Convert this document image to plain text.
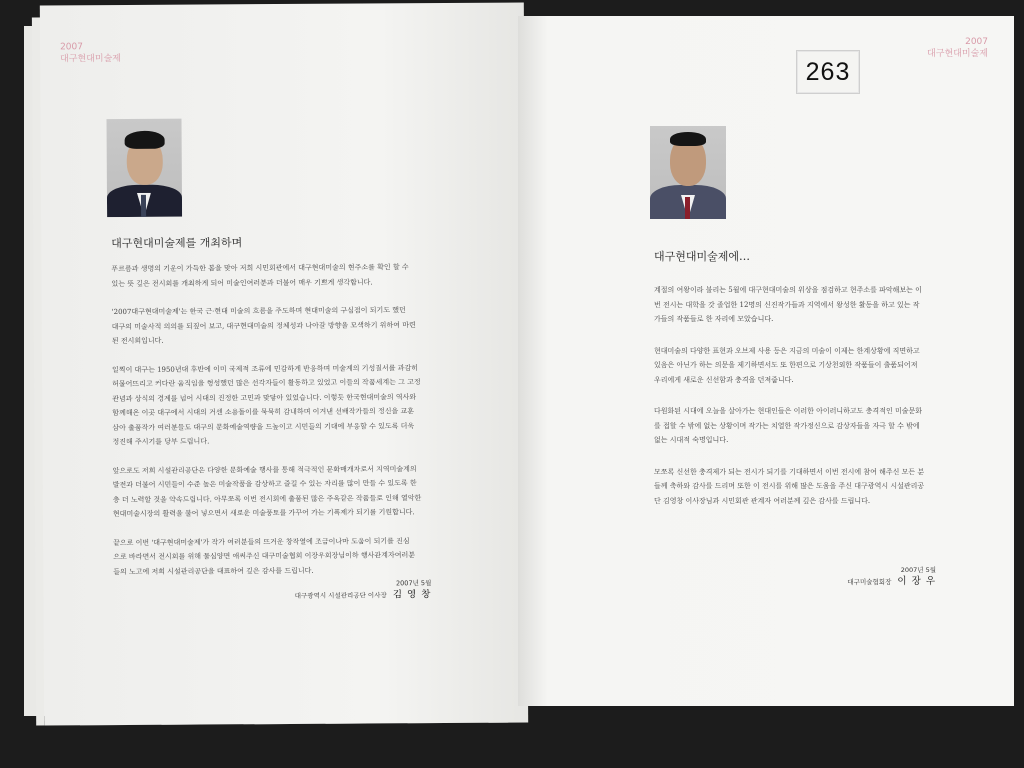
2007
대구현대미술제
대구현대미술제를 개최하며

푸르름과 생명의 기운이 가득한 봄을 맞아 저희 시민회관에서 대구현대미술의 현주소를 확인 할 수
있는 뜻 깊은 전시회를 개최하게 되어 미술인여러분과 더불어 매우 기쁘게 생각합니다.

'2007대구현대미술제'는 한국 근·현대 미술의 흐름을 주도하며 현대미술의 구심점이 되기도 했던
대구의 미술사적 의의를 되짚어 보고, 대구현대미술의 정체성과 나아갈 방향을 모색하기 위하여 마련
된 전시회입니다.

일찍이 대구는 1950년대 후반에 이미 국제적 조류에 민감하게 반응하며 미술계의 기성질서를 과감히
허물어뜨리고 커다란 움직임을 형성했던 많은 선각자들이 활동하고 있었고 이들의 작품세계는 그 고정
관념과 상식의 경계를 넘어 시대의 진정한 고민과 맞닿아 있었습니다. 이렇듯 한국현대미술의 역사와
함께해온 이곳 대구에서 시대의 거센 소용돌이를 묵묵히 감내하며 이겨낸 선배작가들의 정신을 교훈
삼아 출품작가 여러분들도 대구의 문화예술역량을 드높이고 시민들의 기대에 부응할 수 있도록 더욱
정진해 주시기를 당부 드립니다.

앞으로도 저희 시설관리공단은 다양한 문화예술 행사를 통해 적극적인 문화매개자로서 지역미술계의
발전과 더불어 시민들이 수준 높은 미술작품을 감상하고 즐길 수 있는 자리를 많이 만들 수 있도록 한
층 더 노력할 것을 약속드립니다. 아무쪼록 이번 전시회에 출품된 많은 주옥같은 작품들로 인해 열악한
현대미술시장의 활력을 불어 넣으면서 새로운 미술풍토를 가꾸어 가는 기폭제가 되기를 기원합니다.

끝으로 이번 '대구현대미술제'가 작가 여러분들의 뜨거운 창작열에 조금이나마 도움이 되기를 진심
으로 바라면서 전시회를 위해 물심양면 애써주신 대구미술협회 이장우회장님이하 행사관계자여러분
들의 노고에 저희 시설관리공단을 대표하여 깊은 감사를 드립니다.

2007년 5월
대구광역시 시설관리공단 이사장 김 영 창
2007
대구현대미술제
대구현대미술제에…

계절의 여왕이라 불리는 5월에 대구현대미술의 위상을 점검하고 현주소를 파악해보는 이
번 전시는 대학을 갓 졸업한 12명의 신진작가들과 지역에서 왕성한 활동을 하고 있는 작
가들의 작품들로 한 자리에 모았습니다.

현대미술의 다양한 표현과 오브제 사용 등은 지금의 미술이 이제는 한계상황에 직면하고
있음은 아닌가 하는 의문을 제기하면서도 또 한편으로 기상천외한 작품들이 출품되어져
우리에게 새로운 신선함과 충격을 던져줍니다.

다원화된 시대에 오늘을 살아가는 현대인들은 이러한 아이러니하고도 충격적인 미술문화
를 접할 수 밖에 없는 상황이며 작가는 치열한 작가정신으로 감상자들을 자극 할 수 밖에
없는 시대적 숙명입니다.

모쪼록 신선한 충격제가 되는 전시가 되기를 기대하면서 이번 전시에 참여 해주신 모든 분
들께 축하와 감사를 드리며 또한 이 전시를 위해 많은 도움을 주신 대구광역시 시설관리공
단 김영창 이사장님과 시민회관 관계자 여러분께 깊은 감사를 드립니다.

2007년 5월
대구미술협회장 이 장 우
263
